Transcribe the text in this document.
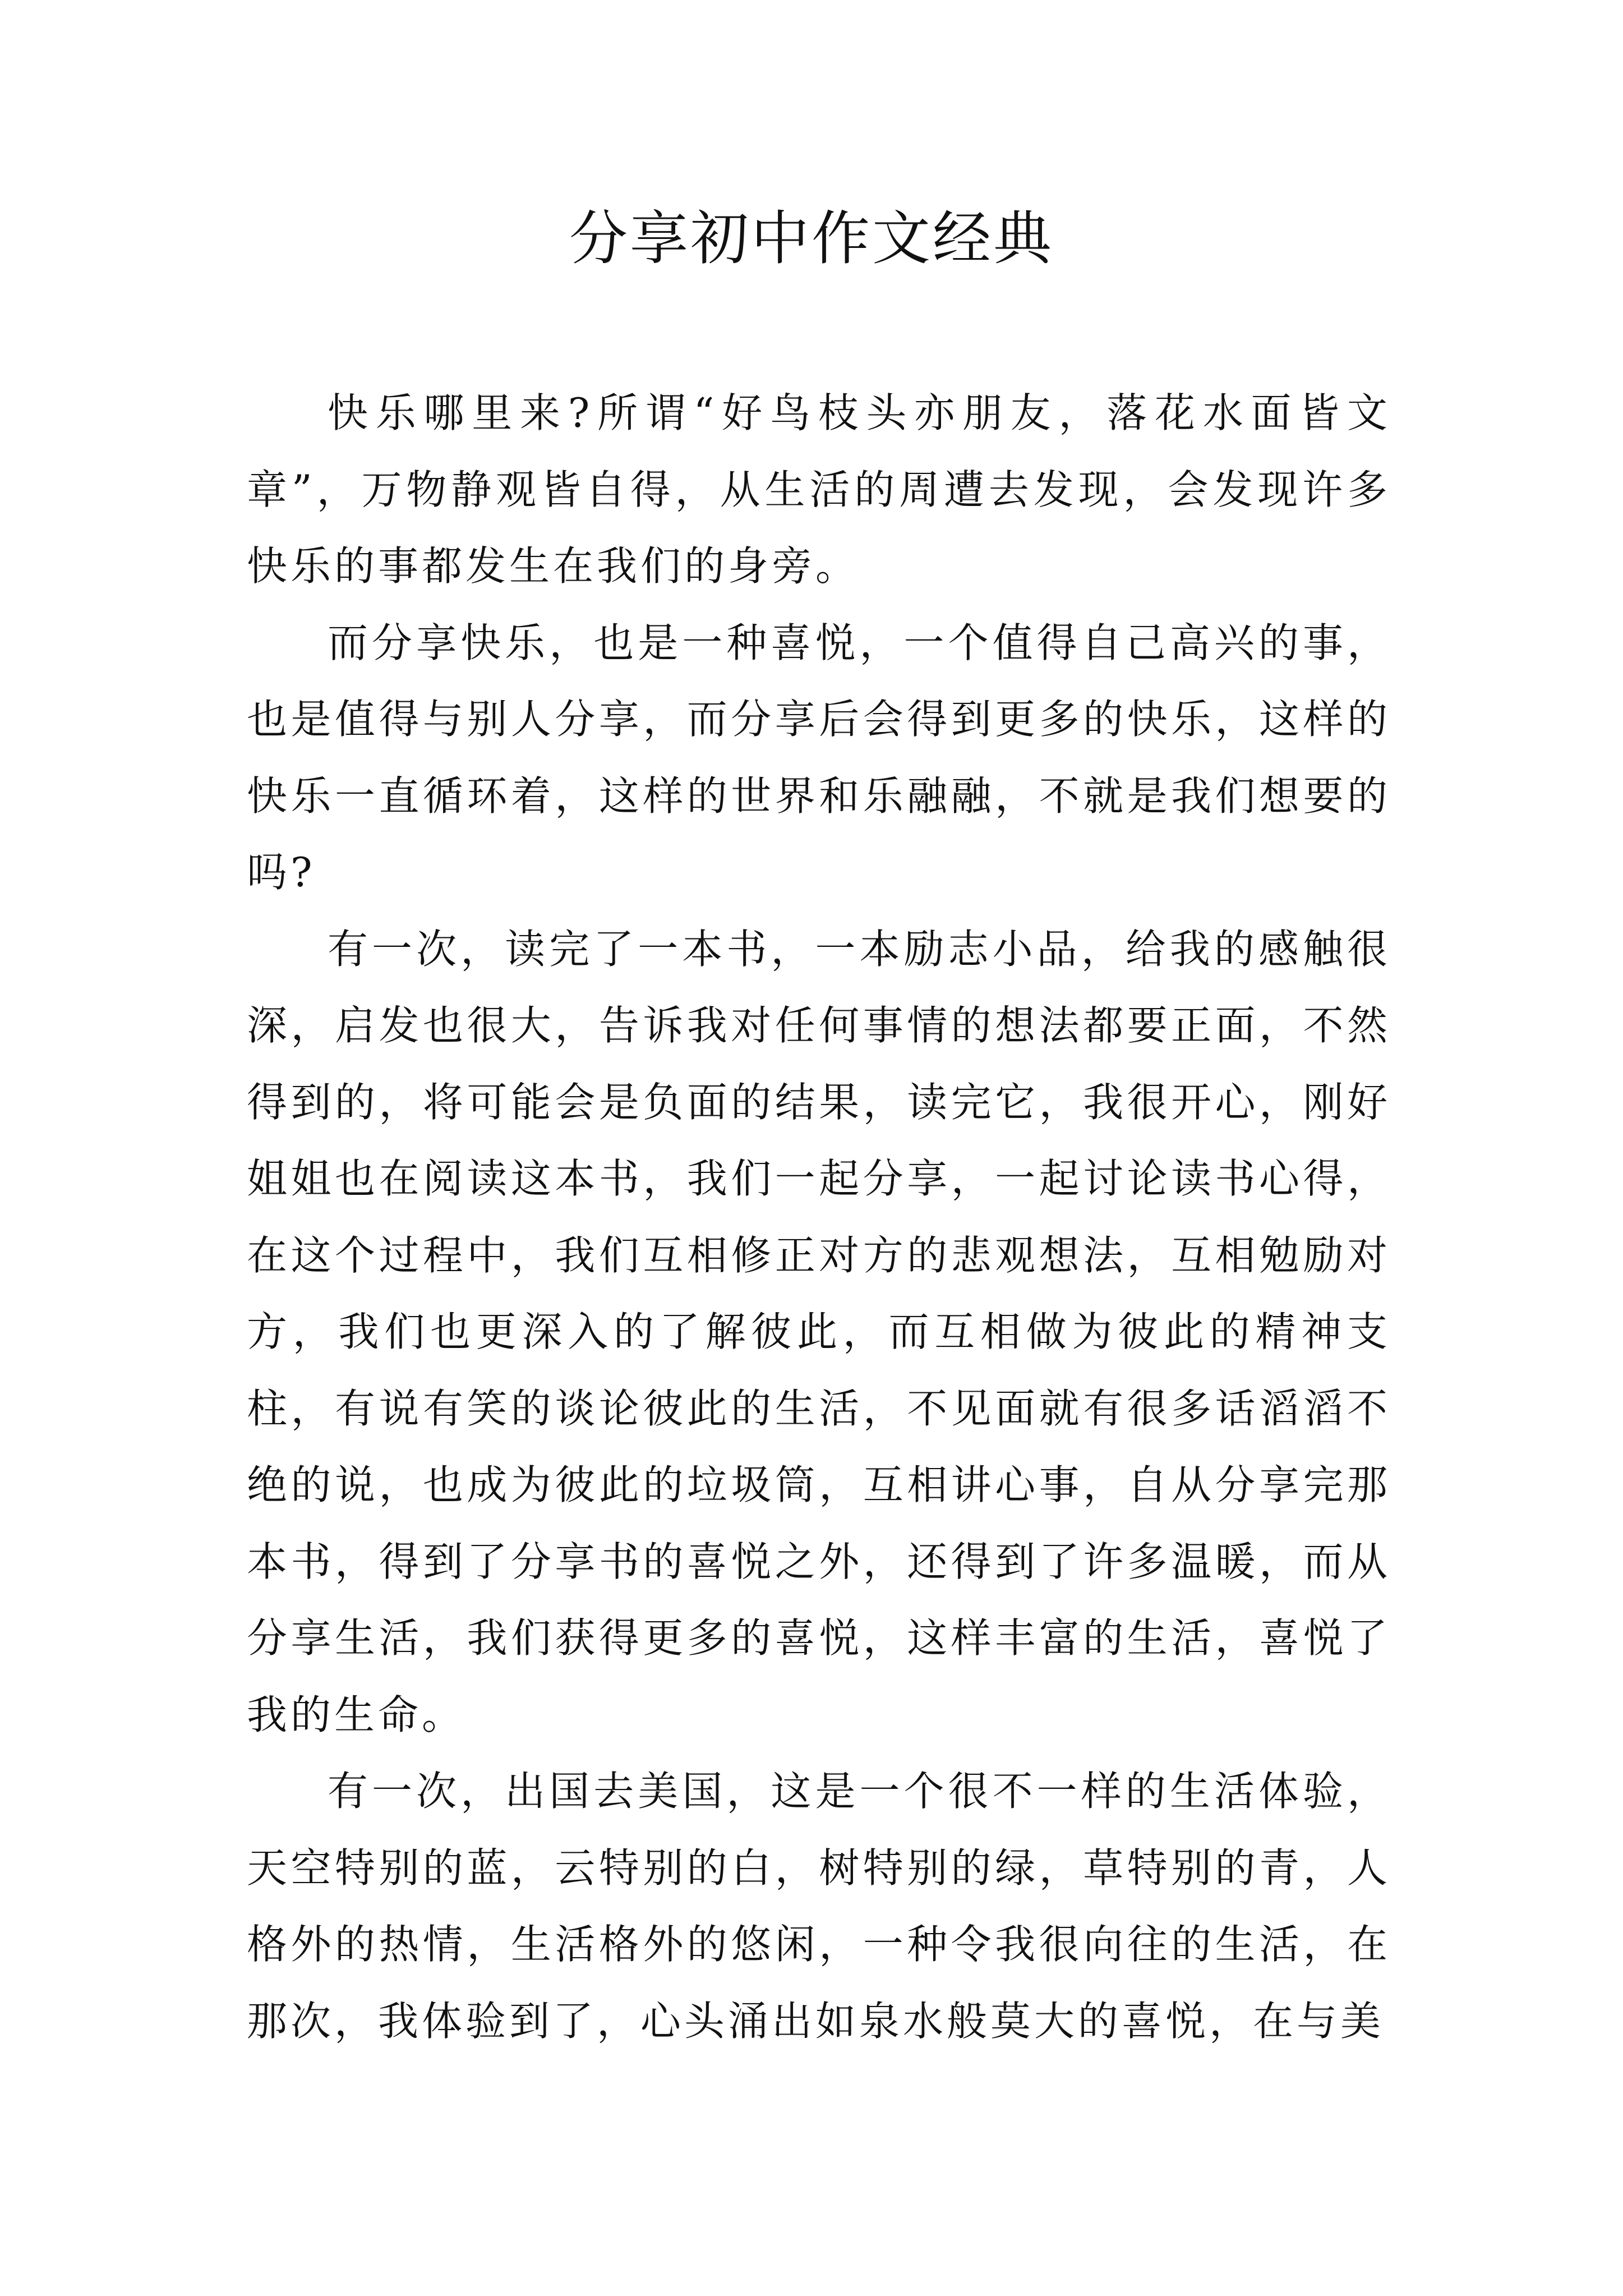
分享初中作文经典

快乐哪里来?所谓“好鸟枝头亦朋友，落花水面皆文章”，万物静观皆自得，从生活的周遭去发现，会发现许多快乐的事都发生在我们的身旁。

而分享快乐，也是一种喜悦，一个值得自己高兴的事，也是值得与别人分享，而分享后会得到更多的快乐，这样的快乐一直循环着，这样的世界和乐融融，不就是我们想要的吗?

有一次，读完了一本书，一本励志小品，给我的感触很深，启发也很大，告诉我对任何事情的想法都要正面，不然得到的，将可能会是负面的结果，读完它，我很开心，刚好姐姐也在阅读这本书，我们一起分享，一起讨论读书心得，在这个过程中，我们互相修正对方的悲观想法，互相勉励对方，我们也更深入的了解彼此，而互相做为彼此的精神支柱，有说有笑的谈论彼此的生活，不见面就有很多话滔滔不绝的说，也成为彼此的垃圾筒，互相讲心事，自从分享完那本书，得到了分享书的喜悦之外，还得到了许多温暖，而从分享生活，我们获得更多的喜悦，这样丰富的生活，喜悦了我的生命。

有一次，出国去美国，这是一个很不一样的生活体验，天空特别的蓝，云特别的白，树特别的绿，草特别的青，人格外的热情，生活格外的悠闲，一种令我很向往的生活，在那次，我体验到了，心头涌出如泉水般莫大的喜悦，在与美
